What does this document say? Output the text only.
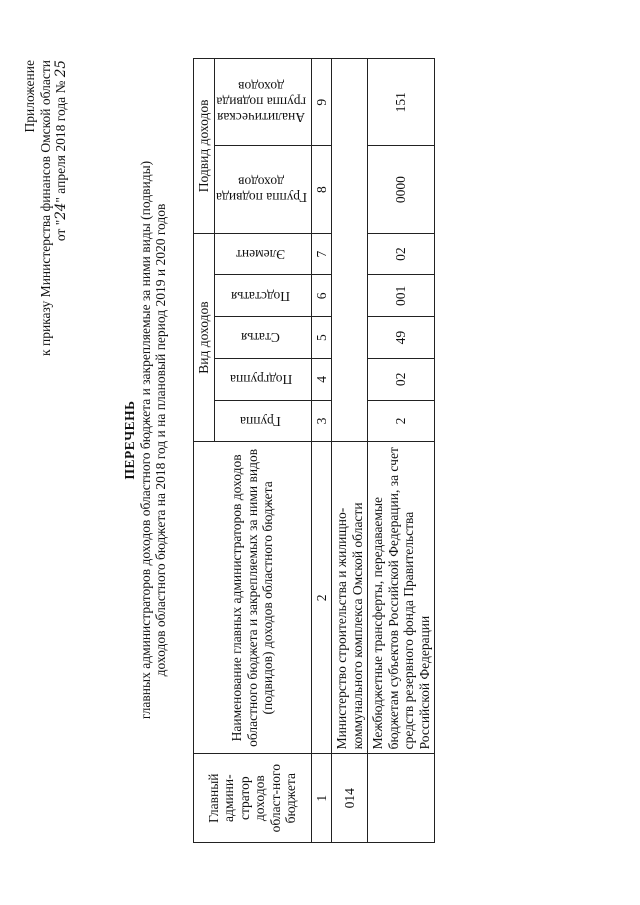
Приложение к приказу Министерства финансов Омской области от "24" апреля 2018 года № 25
ПЕРЕЧЕНЬ главных администраторов доходов областного бюджета и закрепляемые за ними виды (подвиды) доходов областного бюджета на 2018 год и на плановый период 2019 и 2020 годов
Главный админи-стратор доходов област-ного бюджета	Наименование главных администраторов доходов областного бюджета и закрепляемых за ними видов (подвидов) доходов областного бюджета	Вид доходов					Подвид доходов	
		Группа	Подгруппа	Статья	Подстатья	Элемент	Группа подвида доходов	Аналитическая группа подвида доходов
1	2	3	4	5	6	7	8	9
014	Министерство строительства и жилищно-коммунального комплекса Омской области							
	Межбюджетные трансферты, передаваемые бюджетам субъектов Российской Федерации, за счет средств резервного фонда Правительства Российской Федерации	2	02	49	001	02	0000	151
